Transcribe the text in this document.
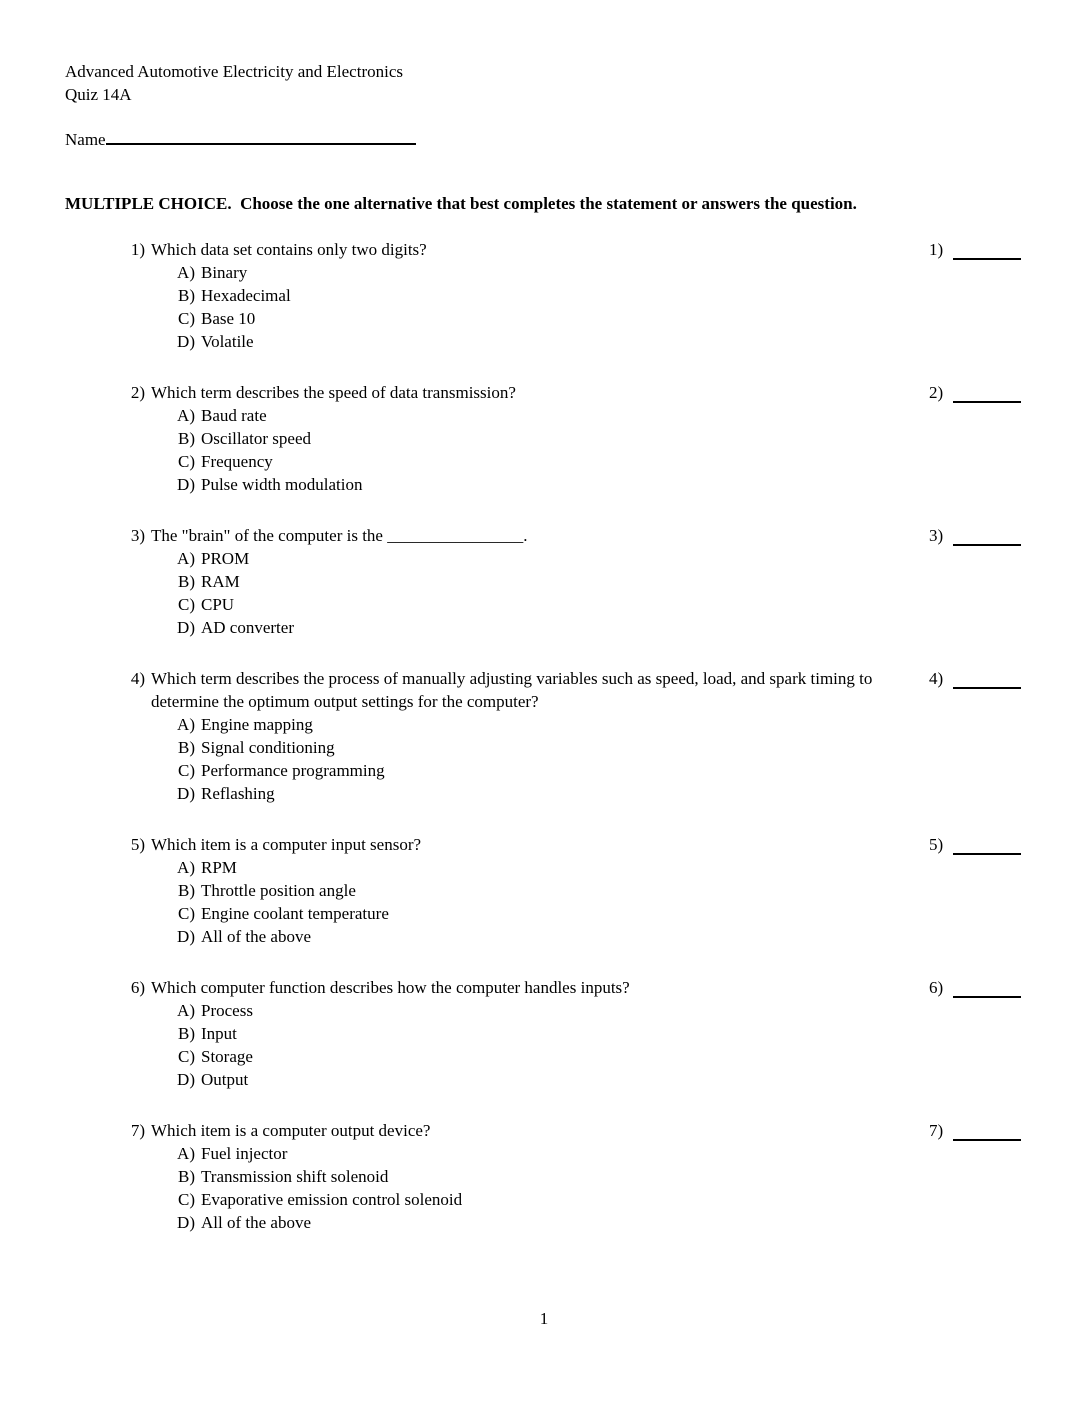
Advanced Automotive Electricity and Electronics
Quiz 14A
Name
MULTIPLE CHOICE.  Choose the one alternative that best completes the statement or answers the question.
1) Which data set contains only two digits?
A) Binary
B) Hexadecimal
C) Base 10
D) Volatile
1)
2) Which term describes the speed of data transmission?
A) Baud rate
B) Oscillator speed
C) Frequency
D) Pulse width modulation
2)
3) The "brain" of the computer is the ________________.
A) PROM
B) RAM
C) CPU
D) AD converter
3)
4) Which term describes the process of manually adjusting variables such as speed, load, and spark timing to determine the optimum output settings for the computer?
A) Engine mapping
B) Signal conditioning
C) Performance programming
D) Reflashing
4)
5) Which item is a computer input sensor?
A) RPM
B) Throttle position angle
C) Engine coolant temperature
D) All of the above
5)
6) Which computer function describes how the computer handles inputs?
A) Process
B) Input
C) Storage
D) Output
6)
7) Which item is a computer output device?
A) Fuel injector
B) Transmission shift solenoid
C) Evaporative emission control solenoid
D) All of the above
7)
1
